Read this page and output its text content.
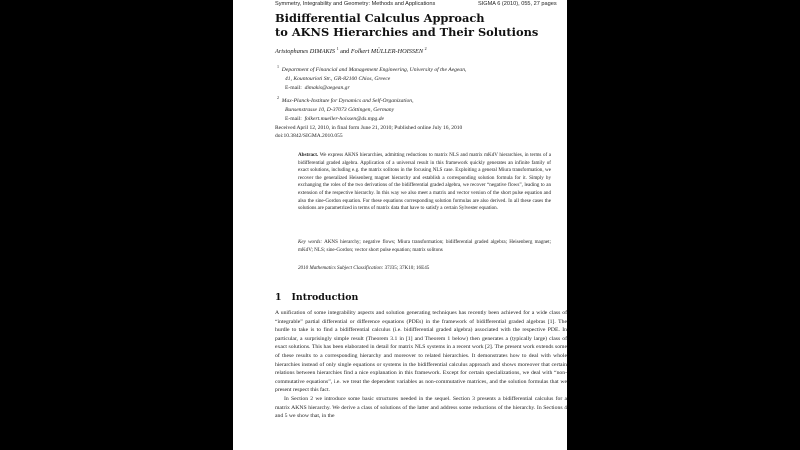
Symmetry, Integrability and Geometry: Methods and Applications	SIGMA 6 (2010), 055, 27 pages
Bidifferential Calculus Approach
to AKNS Hierarchies and Their Solutions
Aristophanes DIMAKIS $^1$ and Folkert MÜLLER-HOISSEN $^2$
$^1$  Department of Financial and Management Engineering, University of the Aegean,
41, Kountourioti Str., GR-82100 Chios, Greece
E-mail: dimakis@aegean.gr
$^2$  Max-Planck-Institute for Dynamics and Self-Organization,
Bunsenstrasse 10, D-37073 Göttingen, Germany
E-mail: folkert.mueller-hoissen@ds.mpg.de
Received April 12, 2010, in final form June 21, 2010; Published online July 16, 2010
doi:10.3842/SIGMA.2010.055
Abstract. We express AKNS hierarchies, admitting reductions to matrix NLS and matrix mKdV hierarchies, in terms of a bidifferential graded algebra. Application of a universal result in this framework quickly generates an infinite family of exact solutions, including e.g. the matrix solitons in the focusing NLS case. Exploiting a general Miura transformation, we recover the generalized Heisenberg magnet hierarchy and establish a corresponding solution formula for it. Simply by exchanging the roles of the two derivations of the bidifferential graded algebra, we recover “negative flows”, leading to an extension of the respective hierarchy. In this way we also meet a matrix and vector version of the short pulse equation and also the sine-Gordon equation. For these equations corresponding solution formulas are also derived. In all these cases the solutions are parametrized in terms of matrix data that have to satisfy a certain Sylvester equation.
Key words: AKNS hierarchy; negative flows; Miura transformation; bidifferential graded algebra; Heisenberg magnet; mKdV; NLS; sine-Gordon; vector short pulse equation; matrix solitons
2010 Mathematics Subject Classification: 37J35; 37K10; 16E45
1 Introduction

A unification of some integrability aspects and solution generating techniques has recently been achieved for a wide class of “integrable” partial differential or difference equations (PDEs) in the framework of bidifferential graded algebras [1]. The hurdle to take is to find a bidifferential calculus (i.e. bidifferential graded algebra) associated with the respective PDE. In particular, a surprisingly simple result (Theorem 3.1 in [1] and Theorem 1 below) then generates a (typically large) class of exact solutions. This has been elaborated in detail for matrix NLS systems in a recent work [2]. The present work extends some of these results to a corresponding hierarchy and moreover to related hierarchies. It demonstrates how to deal with whole hierarchies instead of only single equations or systems in the bidifferential calculus approach and shows moreover that certain relations between hierarchies find a nice explanation in this framework. Except for certain specializations, we deal with “non-commutative equations”, i.e. we treat the dependent variables as non-commutative matrices, and the solution formulas that we present respect this fact.

In Section 2 we introduce some basic structures needed in the sequel. Section 3 presents a bidifferential calculus for a matrix AKNS hierarchy. We derive a class of solutions of the latter and address some reductions of the hierarchy. In Sections 4 and 5 we show that, in the
